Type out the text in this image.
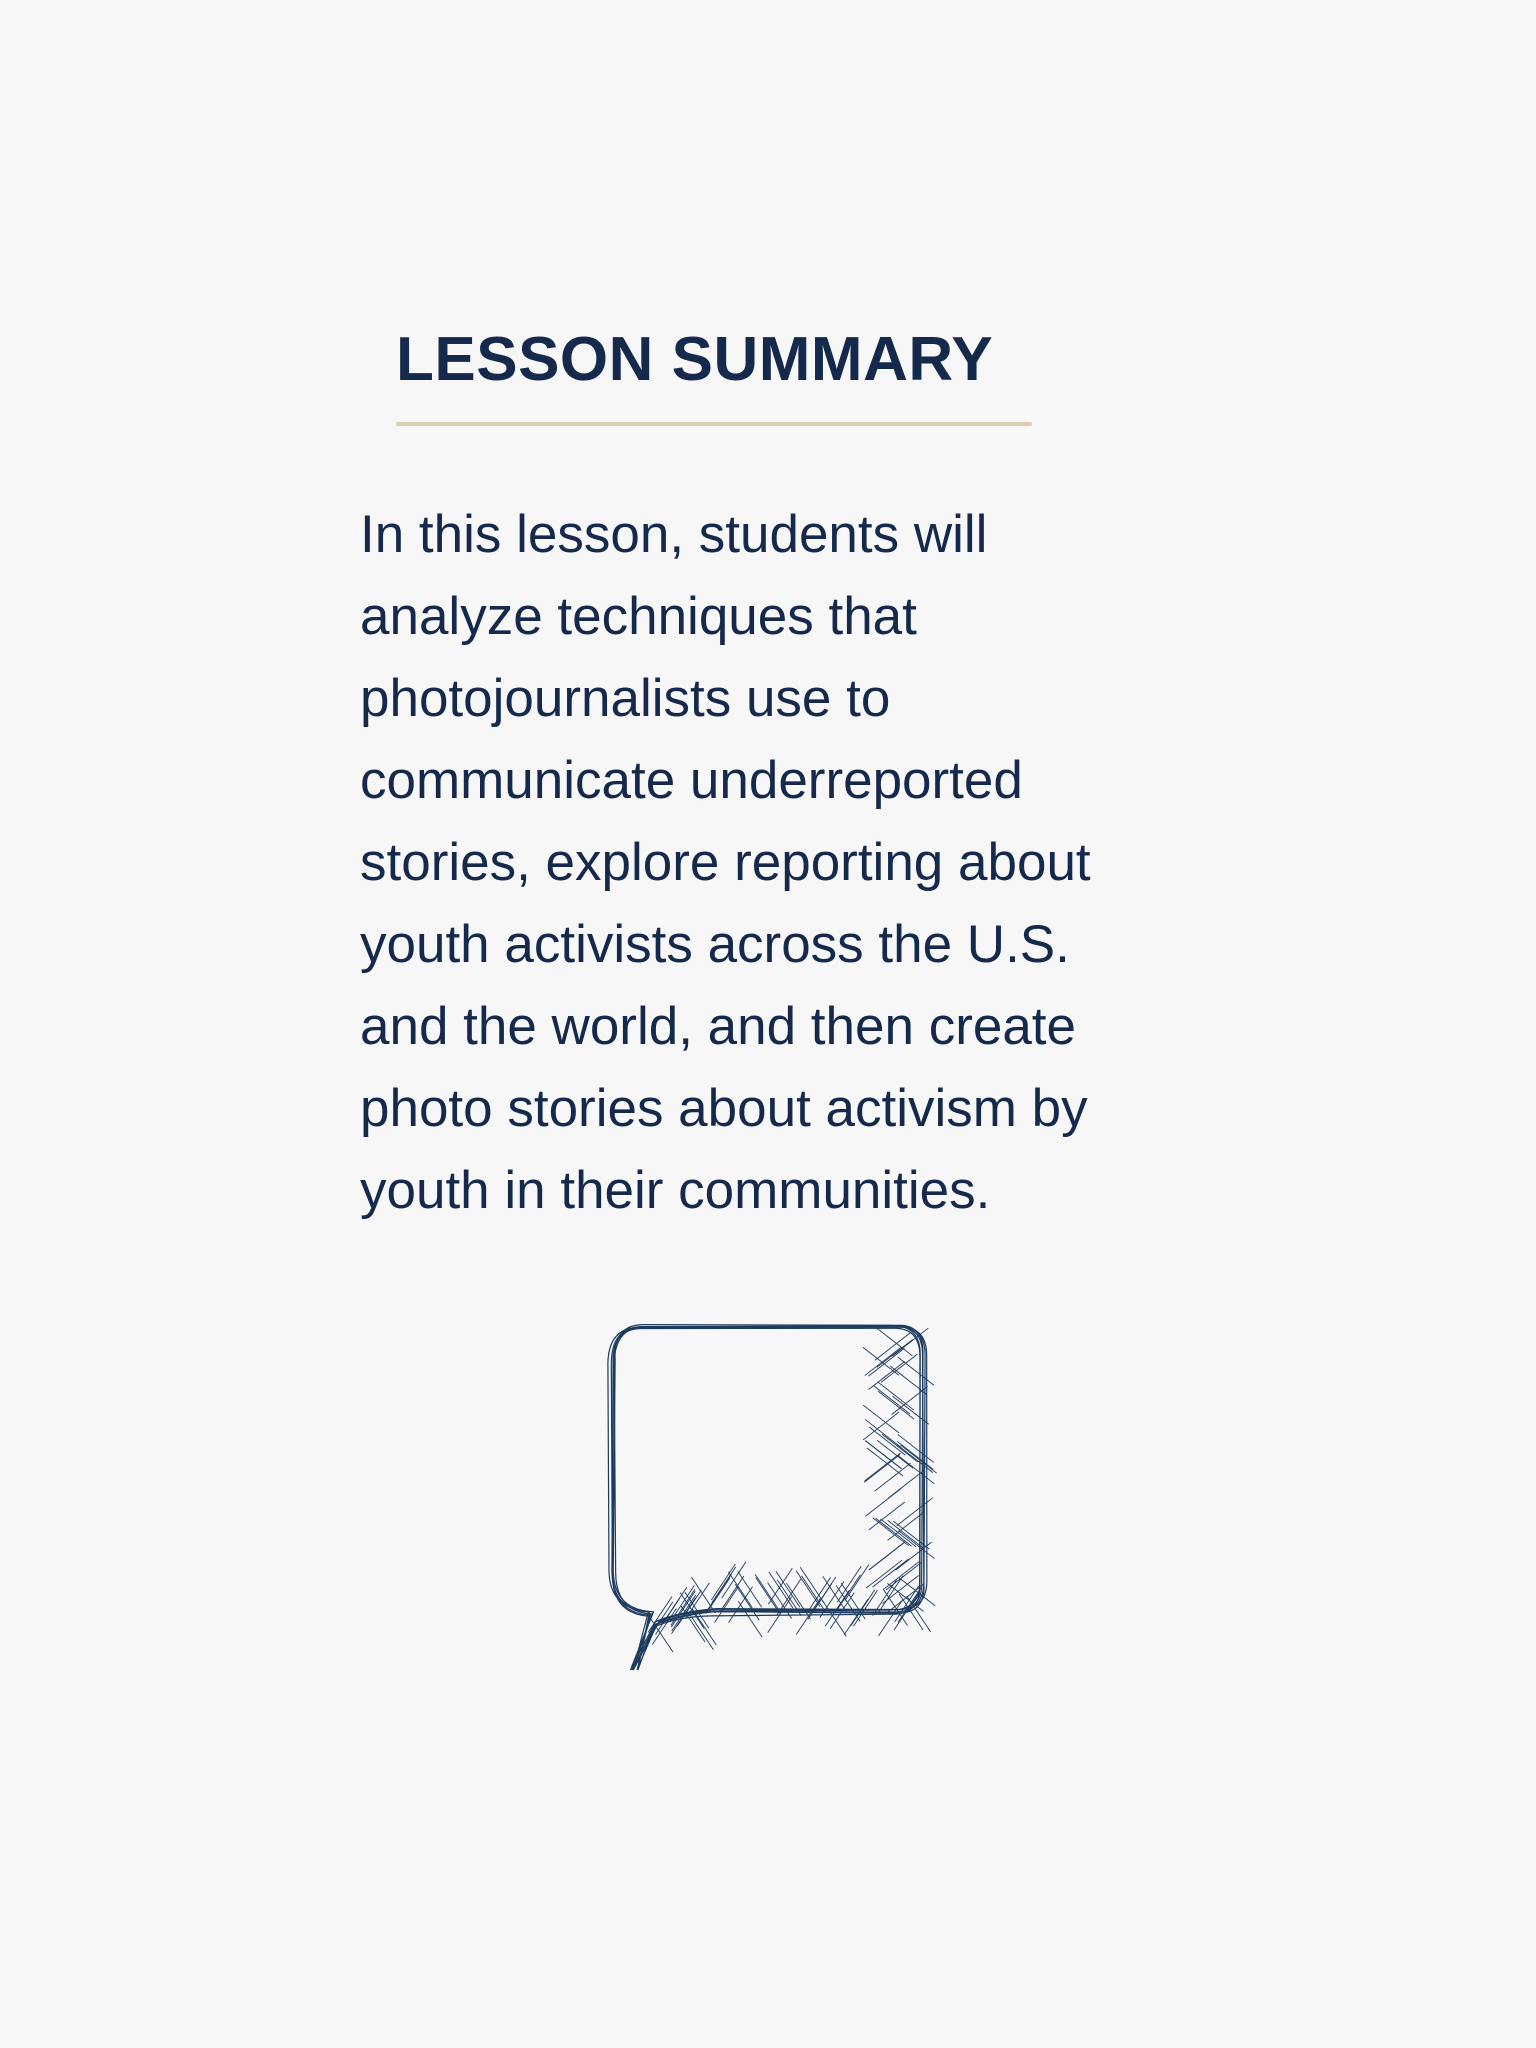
LESSON SUMMARY

In this lesson, students will
analyze techniques that
photojournalists use to
communicate underreported
stories, explore reporting about
youth activists across the U.S.
and the world, and then create
photo stories about activism by
youth in their communities.
